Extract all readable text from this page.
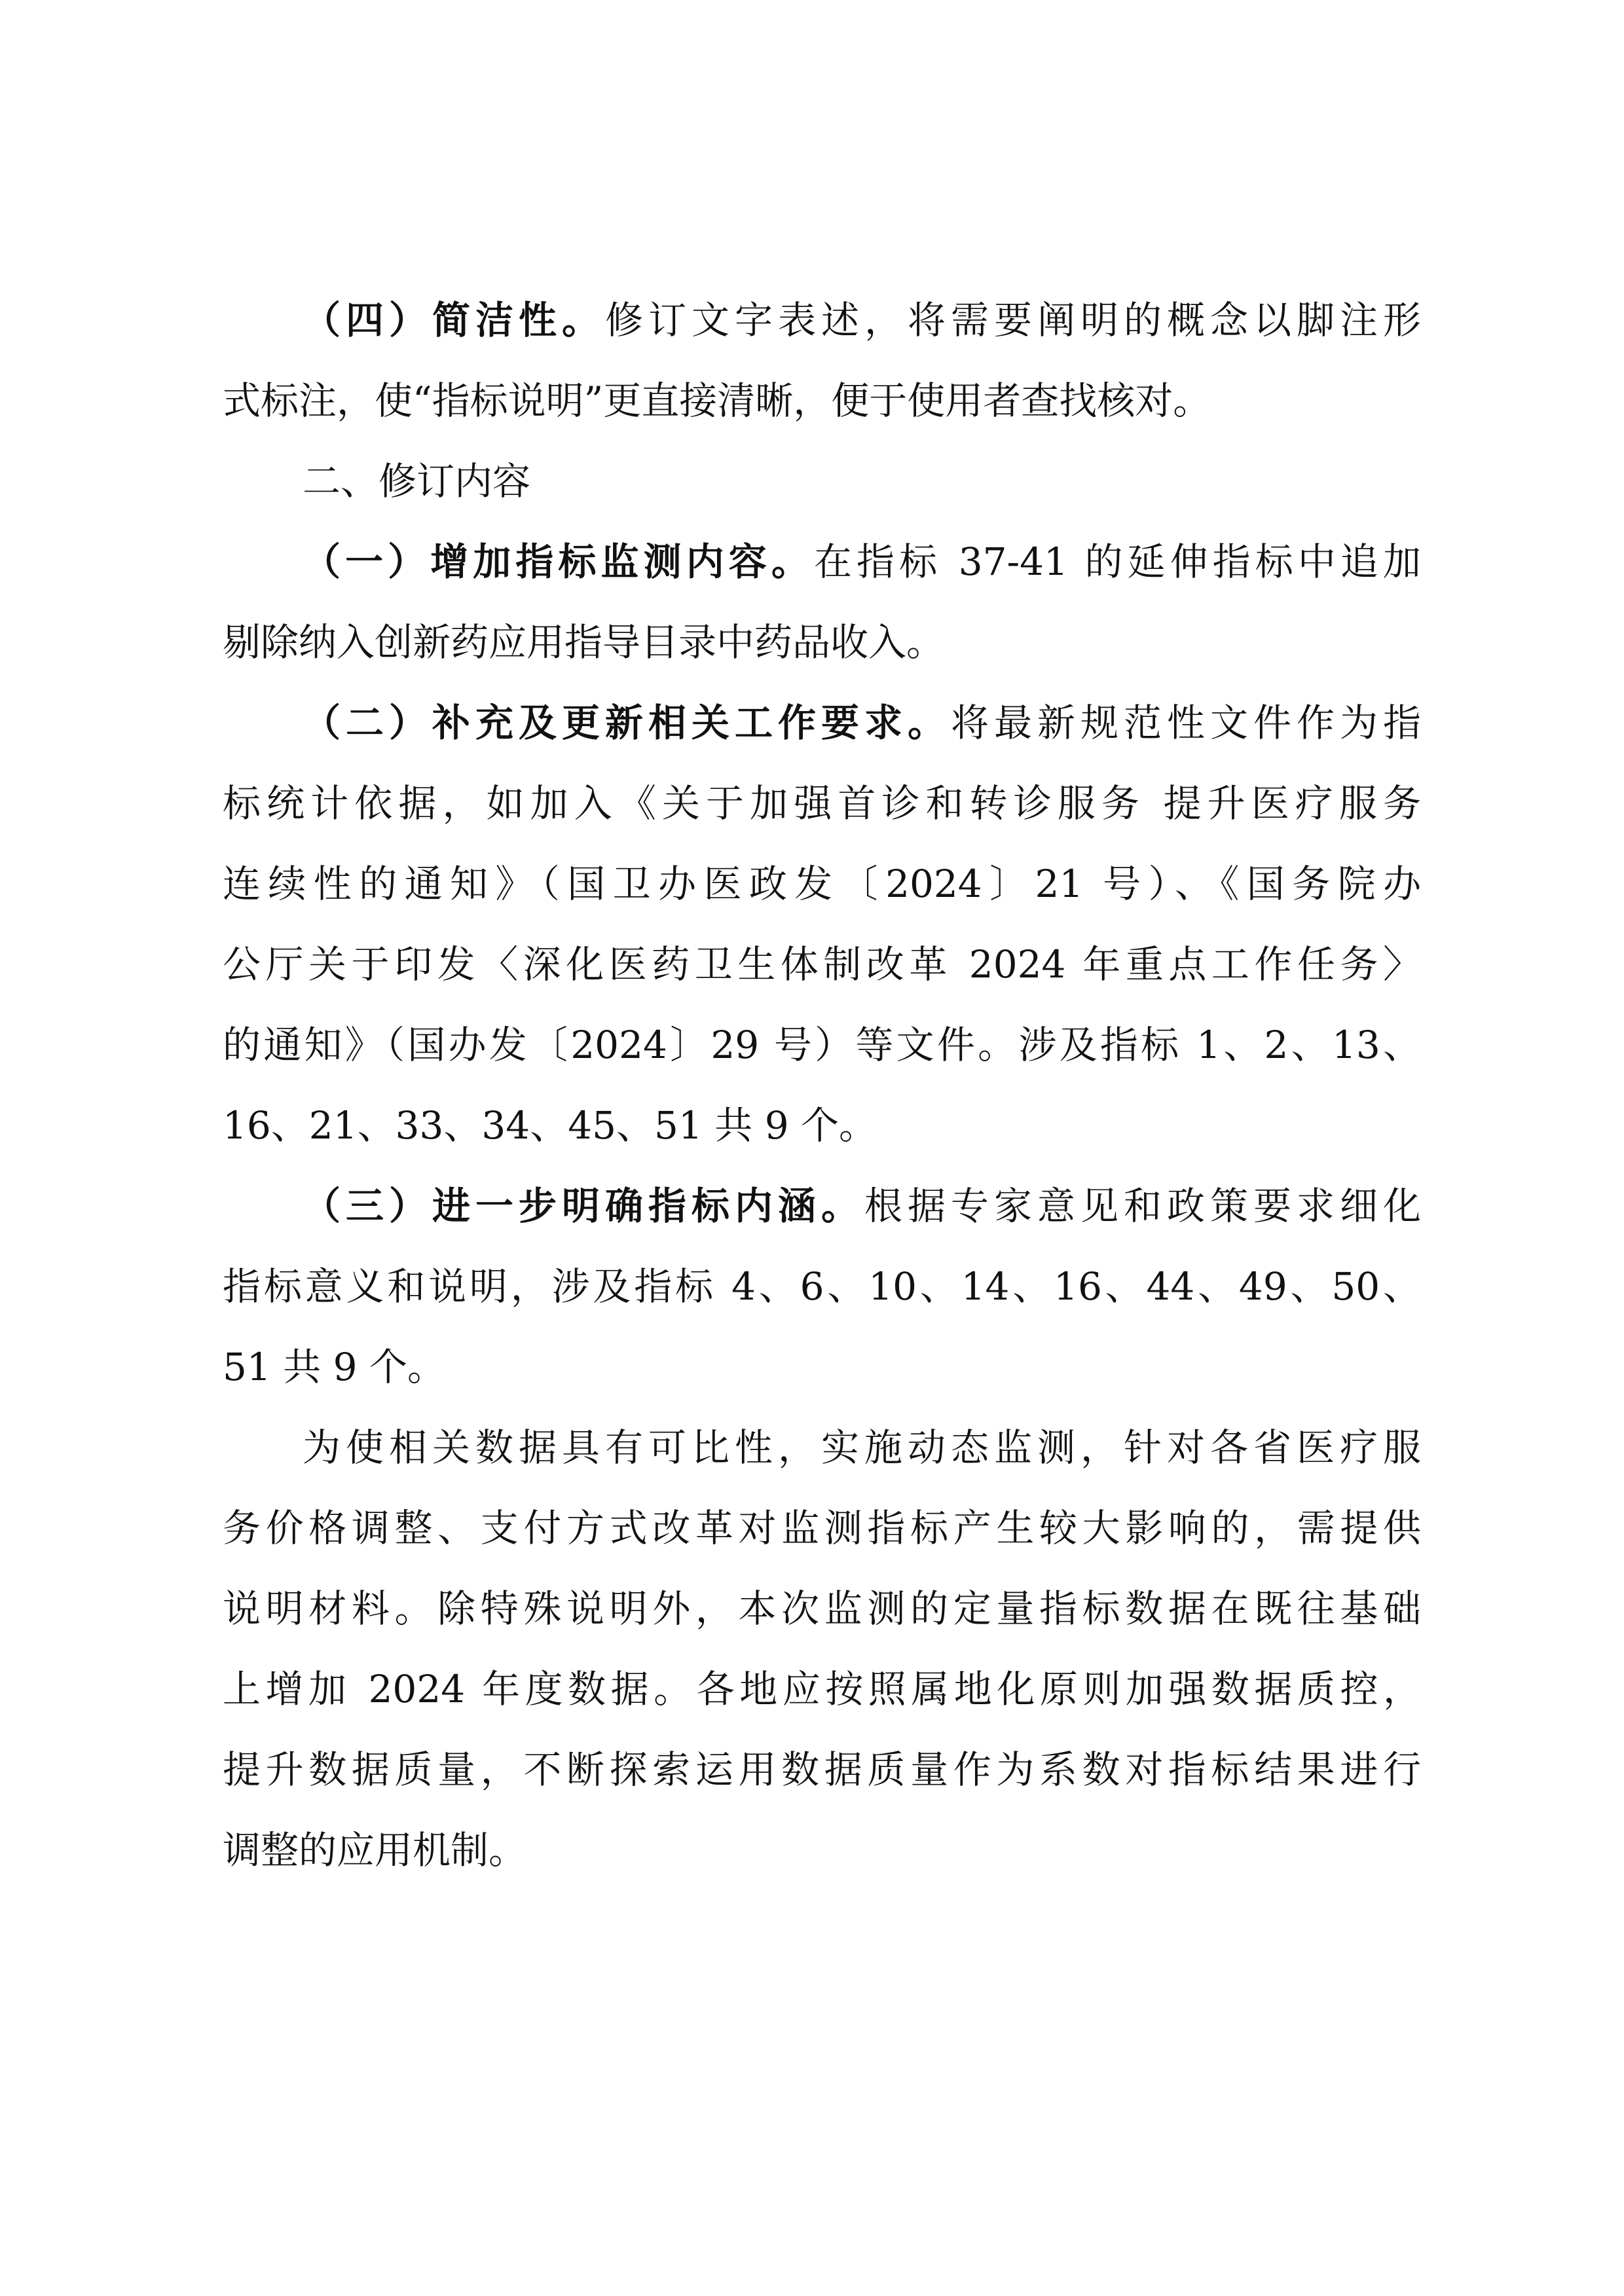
（四）简洁性。修订文字表述，将需要阐明的概念以脚注形
式标注，使“指标说明”更直接清晰，便于使用者查找核对。
二、修订内容
（一）增加指标监测内容。在指标 37-41 的延伸指标中追加
剔除纳入创新药应用指导目录中药品收入。
（二）补充及更新相关工作要求。将最新规范性文件作为指
标统计依据，如加入《关于加强首诊和转诊服务 提升医疗服务
连续性的通知》（国卫办医政发〔2024〕21 号）、《国务院办
公厅关于印发〈深化医药卫生体制改革 2024 年重点工作任务〉
的通知》（国办发〔2024〕29 号）等文件。涉及指标 1、2、13、
16、21、33、34、45、51 共 9 个。
（三）进一步明确指标内涵。根据专家意见和政策要求细化
指标意义和说明，涉及指标 4、6、10、14、16、44、49、50、
51 共 9 个。
为使相关数据具有可比性，实施动态监测，针对各省医疗服
务价格调整、支付方式改革对监测指标产生较大影响的，需提供
说明材料。除特殊说明外，本次监测的定量指标数据在既往基础
上增加 2024 年度数据。各地应按照属地化原则加强数据质控，
提升数据质量，不断探索运用数据质量作为系数对指标结果进行
调整的应用机制。
